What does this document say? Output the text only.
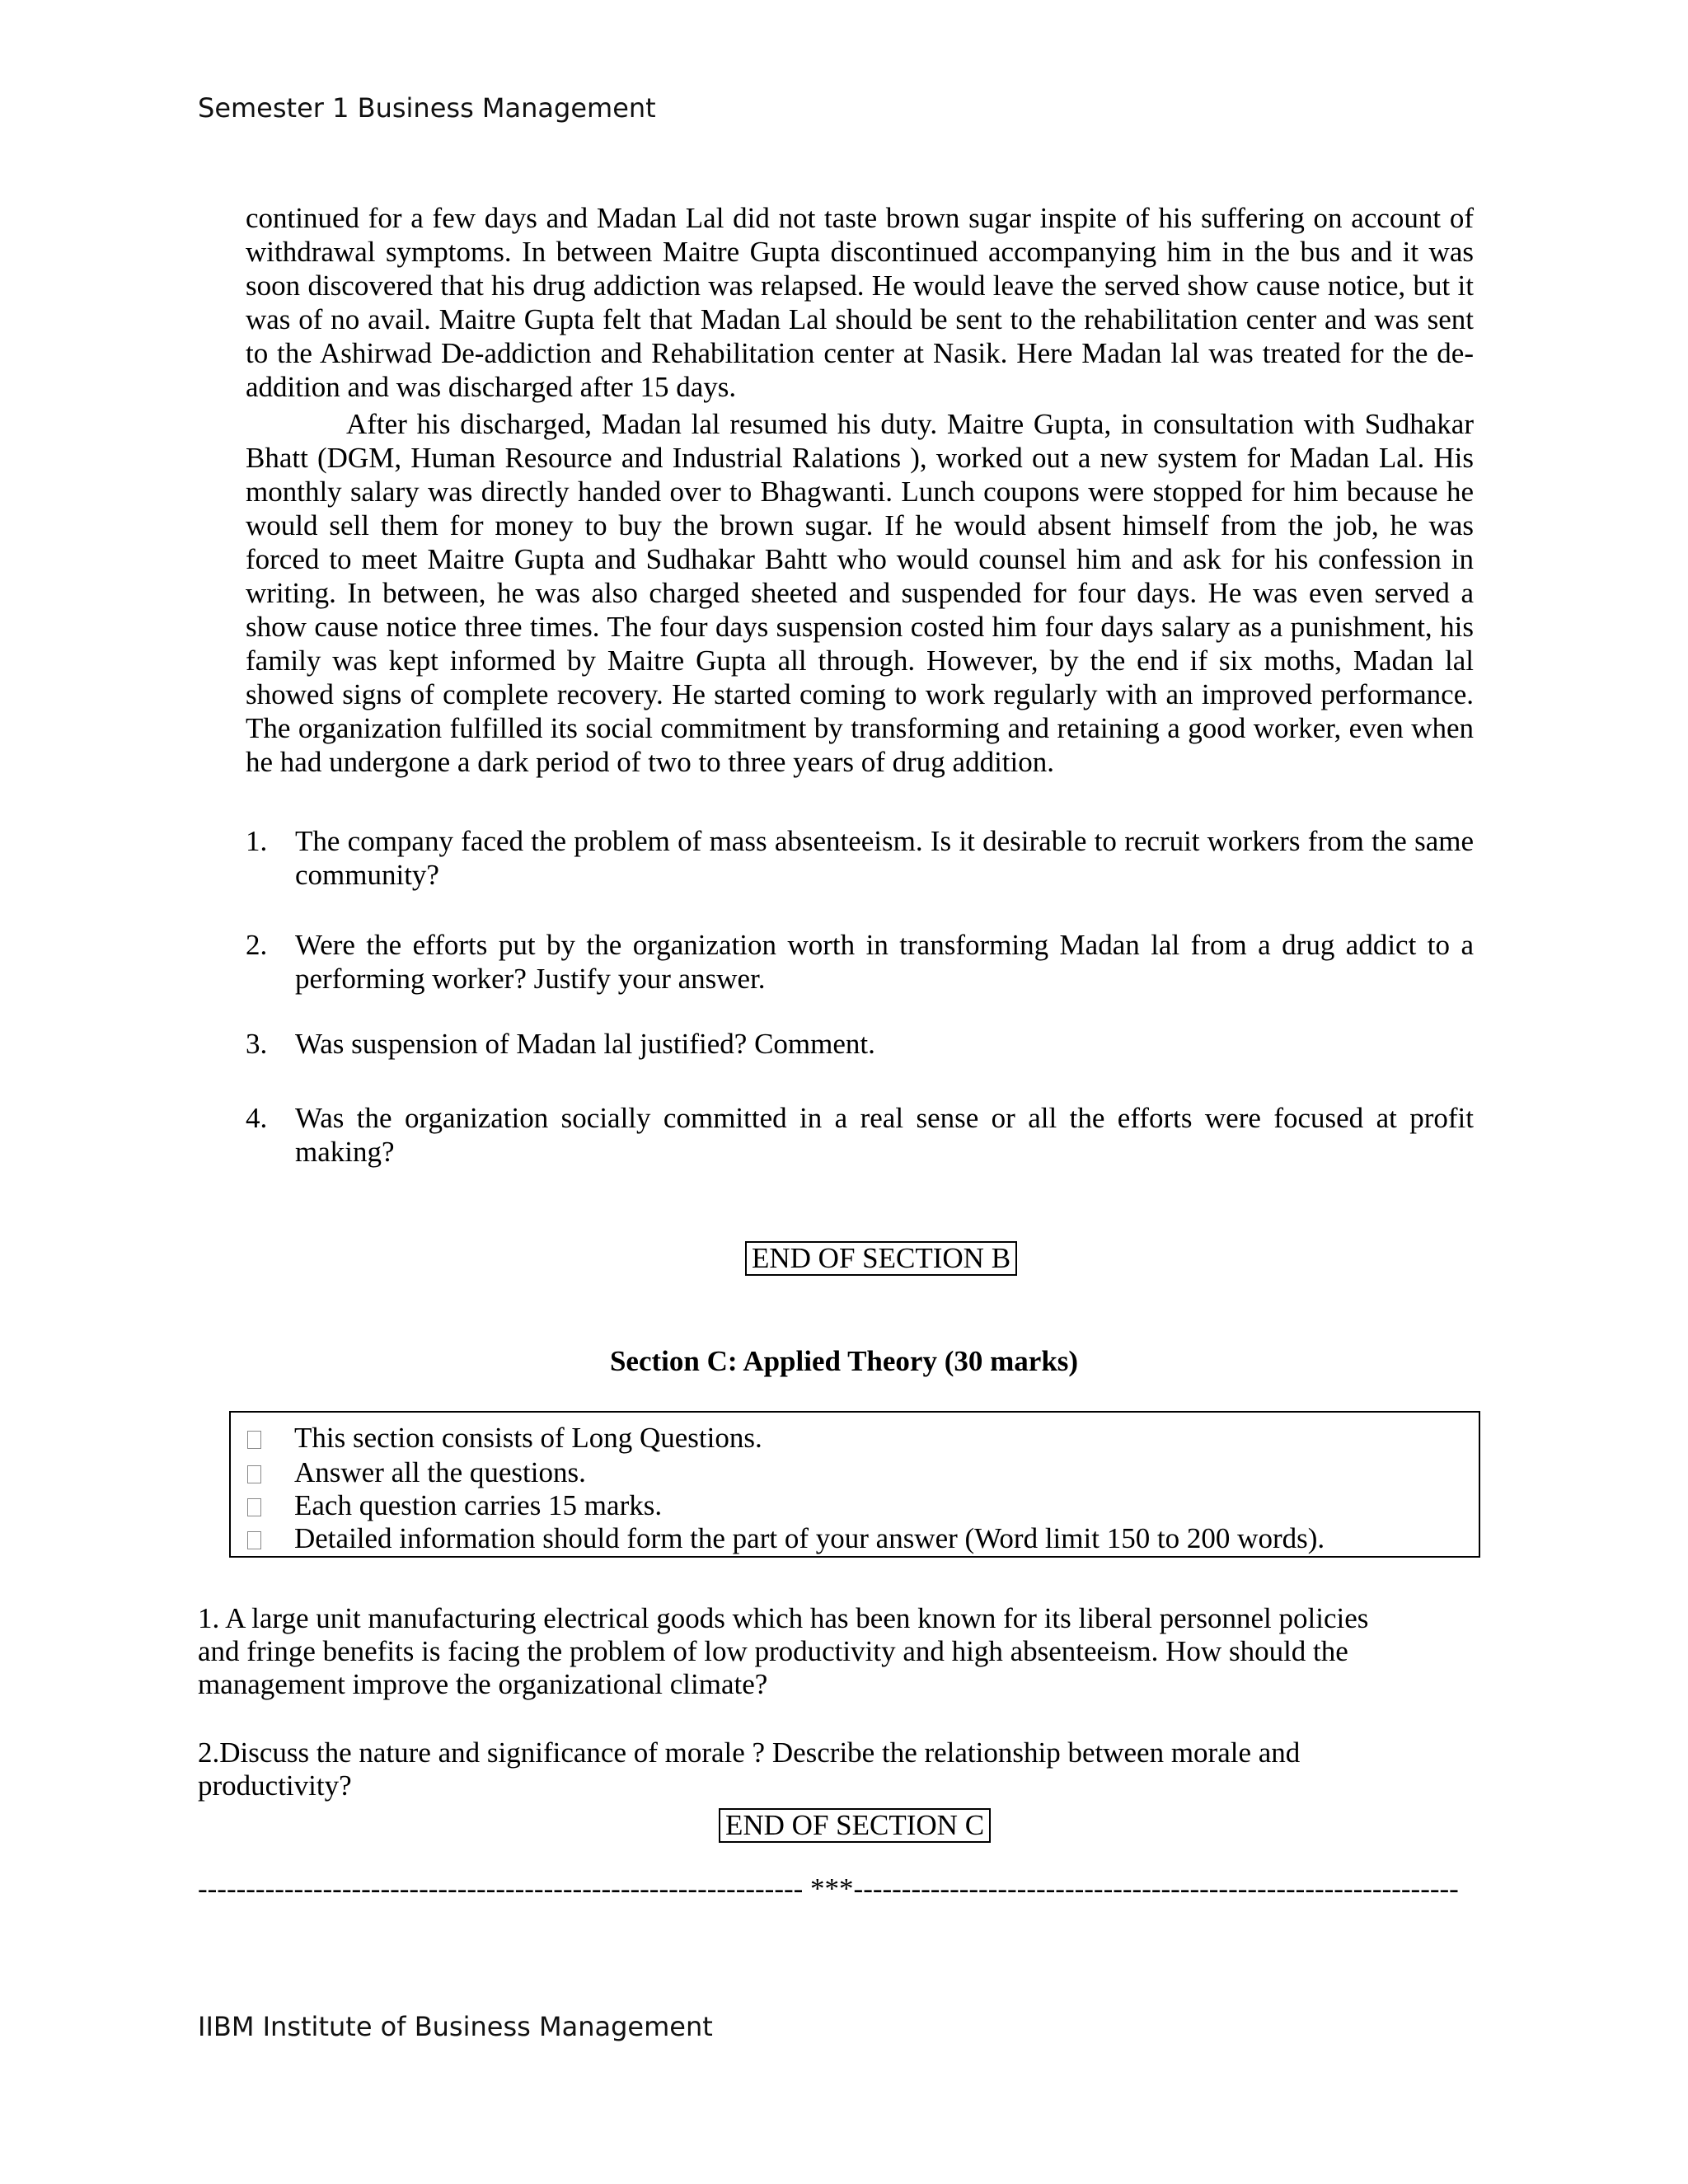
Semester 1 Business Management

continued for a few days and Madan Lal did not taste brown sugar inspite of his suffering on account of withdrawal symptoms. In between Maitre Gupta discontinued accompanying him in the bus and it was soon discovered that his drug addiction was relapsed. He would leave the served show cause notice, but it was of no avail. Maitre Gupta felt that Madan Lal should be sent to the rehabilitation center and was sent to the Ashirwad De-addiction and Rehabilitation center at Nasik. Here Madan lal was treated for the de-addition and was discharged after 15 days.

After his discharged, Madan lal resumed his duty. Maitre Gupta, in consultation with Sudhakar Bhatt (DGM, Human Resource and Industrial Ralations ), worked out a new system for Madan Lal. His monthly salary was directly handed over to Bhagwanti. Lunch coupons were stopped for him because he would sell them for money to buy the brown sugar. If he would absent himself from the job, he was forced to meet Maitre Gupta and Sudhakar Bahtt who would counsel him and ask for his confession in writing. In between, he was also charged sheeted and suspended for four days. He was even served a show cause notice three times. The four days suspension costed him four days salary as a punishment, his family was kept informed by Maitre Gupta all through. However, by the end if six moths, Madan lal showed signs of complete recovery. He started coming to work regularly with an improved performance. The organization fulfilled its social commitment by transforming and retaining a good worker, even when he had undergone a dark period of two to three years of drug addition.

1. The company faced the problem of mass absenteeism. Is it desirable to recruit workers from the same community?
2. Were the efforts put by the organization worth in transforming Madan lal from a drug addict to a performing worker? Justify your answer.
3. Was suspension of Madan lal justified? Comment.
4. Was the organization socially committed in a real sense or all the efforts were focused at profit making?
END OF SECTION B
Section C: Applied Theory (30 marks)
This section consists of Long Questions.
Answer all the questions.
Each question carries 15 marks.
Detailed information should form the part of your answer (Word limit 150 to 200 words).

1. A large unit manufacturing electrical goods which has been known for its liberal personnel policies and fringe benefits is facing the problem of low productivity and high absenteeism. How should the management improve the organizational climate?

2.Discuss the nature and significance of morale ? Describe the relationship between morale and productivity?

END OF SECTION C
--------------------------------------------------------------- ***---------------------------------------------------------------
IIBM Institute of Business Management
